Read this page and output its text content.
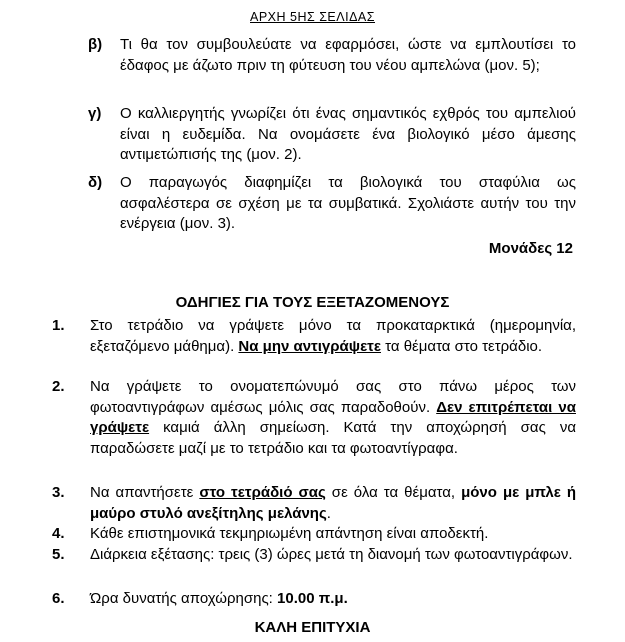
ΑΡΧΗ 5ΗΣ ΣΕΛΙΔΑΣ
β) Τι θα τον συμβουλεύατε να εφαρμόσει, ώστε να εμπλουτίσει το έδαφος με άζωτο πριν τη φύτευση του νέου αμπελώνα (μον. 5);
γ) Ο καλλιεργητής γνωρίζει ότι ένας σημαντικός εχθρός του αμπελιού είναι η ευδεμίδα. Να ονομάσετε ένα βιολογικό μέσο άμεσης αντιμετώπισής της (μον. 2).
δ) Ο παραγωγός διαφημίζει τα βιολογικά του σταφύλια ως ασφαλέστερα σε σχέση με τα συμβατικά. Σχολιάστε αυτήν του την ενέργεια (μον. 3).
Μονάδες 12
ΟΔΗΓΙΕΣ ΓΙΑ ΤΟΥΣ ΕΞΕΤΑΖΟΜΕΝΟΥΣ
1. Στο τετράδιο να γράψετε μόνο τα προκαταρκτικά (ημερομηνία, εξεταζόμενο μάθημα). Να μην αντιγράψετε τα θέματα στο τετράδιο.
2. Να γράψετε το ονοματεπώνυμό σας στο πάνω μέρος των φωτοαντιγράφων αμέσως μόλις σας παραδοθούν. Δεν επιτρέπεται να γράψετε καμιά άλλη σημείωση. Κατά την αποχώρησή σας να παραδώσετε μαζί με το τετράδιο και τα φωτοαντίγραφα.
3. Να απαντήσετε στο τετράδιό σας σε όλα τα θέματα, μόνο με μπλε ή μαύρο στυλό ανεξίτηλης μελάνης.
4. Κάθε επιστημονικά τεκμηριωμένη απάντηση είναι αποδεκτή.
5. Διάρκεια εξέτασης: τρεις (3) ώρες μετά τη διανομή των φωτοαντιγράφων.
6. Ώρα δυνατής αποχώρησης: 10.00 π.μ.
ΚΑΛΗ ΕΠΙΤΥΧΙΑ
